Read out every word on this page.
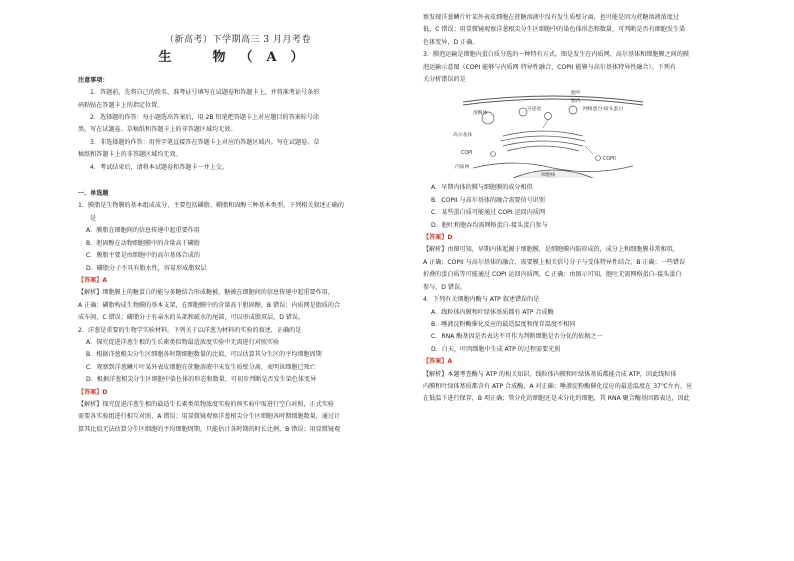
（新高考）下学期高三 3 月月考卷
生　物（A）
注意事项：
1．答题前，先将自己的姓名、准考证号填写在试题卷和答题卡上，并将准考证号条形
码粘贴在答题卡上的指定位置。
2．选择题的作答：每小题选出答案后，用 2B 铅笔把答题卡上对应题目的答案标号涂
黑，写在试题卷、草稿纸和答题卡上的非答题区域均无效。
3．非选择题的作答：用签字笔直接答在答题卡上对应的答题区域内。写在试题卷、草
稿纸和答题卡上的非答题区域均无效。
4．考试结束后，请将本试题卷和答题卡一并上交。
一、单选题
1．膜脂是生物膜的基本组成成分，主要包括磷脂、鞘脂和固醇三种基本类型。下列相关叙述正确的
是
A．膜脂在细胞间的信息传递中起重要作用
B．胆固醇在动物细胞膜中的含量高于磷脂
C．膜脂主要是由细胞中的高尔基体合成的
D．磷脂分子不具有脂水性，容易形成脂双层
【答案】A
【解析】细胞膜上的糖蛋白的能与多糖结合形成糖被，糖被在细胞间的信息传递中起重要作用，
A 正确；磷脂构成生物膜的基本支架，在细胞膜中的含量高于胆固醇，B 错误；内质网是脂质的合
成车间，C 错误；磷脂分子有亲水的头部和疏水的尾部，可以形成脂双层，D 错误。
2．洋葱是重要的生物学实验材料。下列关于以洋葱为材料的实验的叙述，正确的是
A．探究促进洋葱生根的生长素类似物最适浓度实验中无需进行对照实验
B．根据洋葱根尖分生区细胞各时期细胞数量的比值，可以估算其分生区的平均细胞周期
C．观察到洋葱鳞片叶某外表皮细胞在蔗糖溶液中未发生质壁分离，表明该细胞已死亡
D．根据洋葱根尖分生区细胞中染色体的形态和数量，可初步判断是否发生染色体变异
【答案】D
【解析】探究促进洋葱生根的最适生长素类似物浓度实验的预实验中需进行空白对照，正式实验
需要各实验组进行相互对照，A 错误；用显微镜观察洋葱根尖分生区细胞各时期细胞数量，通过计
算其比值无法估算分生区细胞的平均细胞周期，只能估计各时期的时长比例，B 错误；用显微镜观
察发现洋葱鳞片叶某外表皮细胞在蔗糖溶液中没有发生质壁分离，也可能是因为蔗糖溶液浓度过
低，C 错误；用显微镜观察洋葱根尖分生区细胞中的染色体形态和数量，可判断是否有细胞发生染
色体变异，D 正确。
3．膜泡运输是细胞内蛋白质分选的一种特有方式。图是发生在内质网、高尔基体和细胞膜之间的膜
泡运输示意图（COPI 能够与内质网 特异性融合，COPII 能够与高尔基体特异性融合）。下列有
关分析错误的是
胞外
胞内
溶酶体
分泌泡	网格蛋白-接头蛋白
高尔基体
COPI
COPII
内质网
细胞核
A．早期内体的膜与细胞膜的成分相似
B．COPII 与高尔基体的融合需要信号识别
C．某些蛋白质可能通过 COPI 运回内质网
D．胞吐和胞吞均需网格蛋白-接头蛋白参与
【答案】D
【解析】由图可知，早期内体起源于细胞膜，是细胞膜内陷形成的，成分上和细胞膜非常相似，
A 正确；COPII 与高尔基体的融合，需要膜上相关信号分子与受体特异性结合，B 正确；一些错误
折叠的蛋白质等可能通过 COPI 运回内质网，C 正确；由图示可知，胞吐无需网格蛋白-接头蛋白
参与，D 错误。
4．下列有关细胞内酶与 ATP 叙述错误的是
A．线粒体内膜和叶绿体基质都有 ATP 合成酶
B．唾液淀粉酶催化反应的最适温度和保存温度不相同
C．RNA 酶基因是否表达不可作为判断细胞是否分化的依据之一
D．白天，叶肉细胞中生成 ATP 的过程需要光照
【答案】A
【解析】本题考查酶与 ATP 的相关知识。线粒体内膜和叶绿体基质都能合成 ATP，因此线粒体
内膜和叶绿体基质都含有 ATP 合成酶，A 对正确；唾液淀粉酶催化反应的最适温度在 37℃左右，应
在低温下进行保存，B 项正确；管分化的细胞还是未分化的细胞，其 RNA 聚合酶基因都表达，因此
